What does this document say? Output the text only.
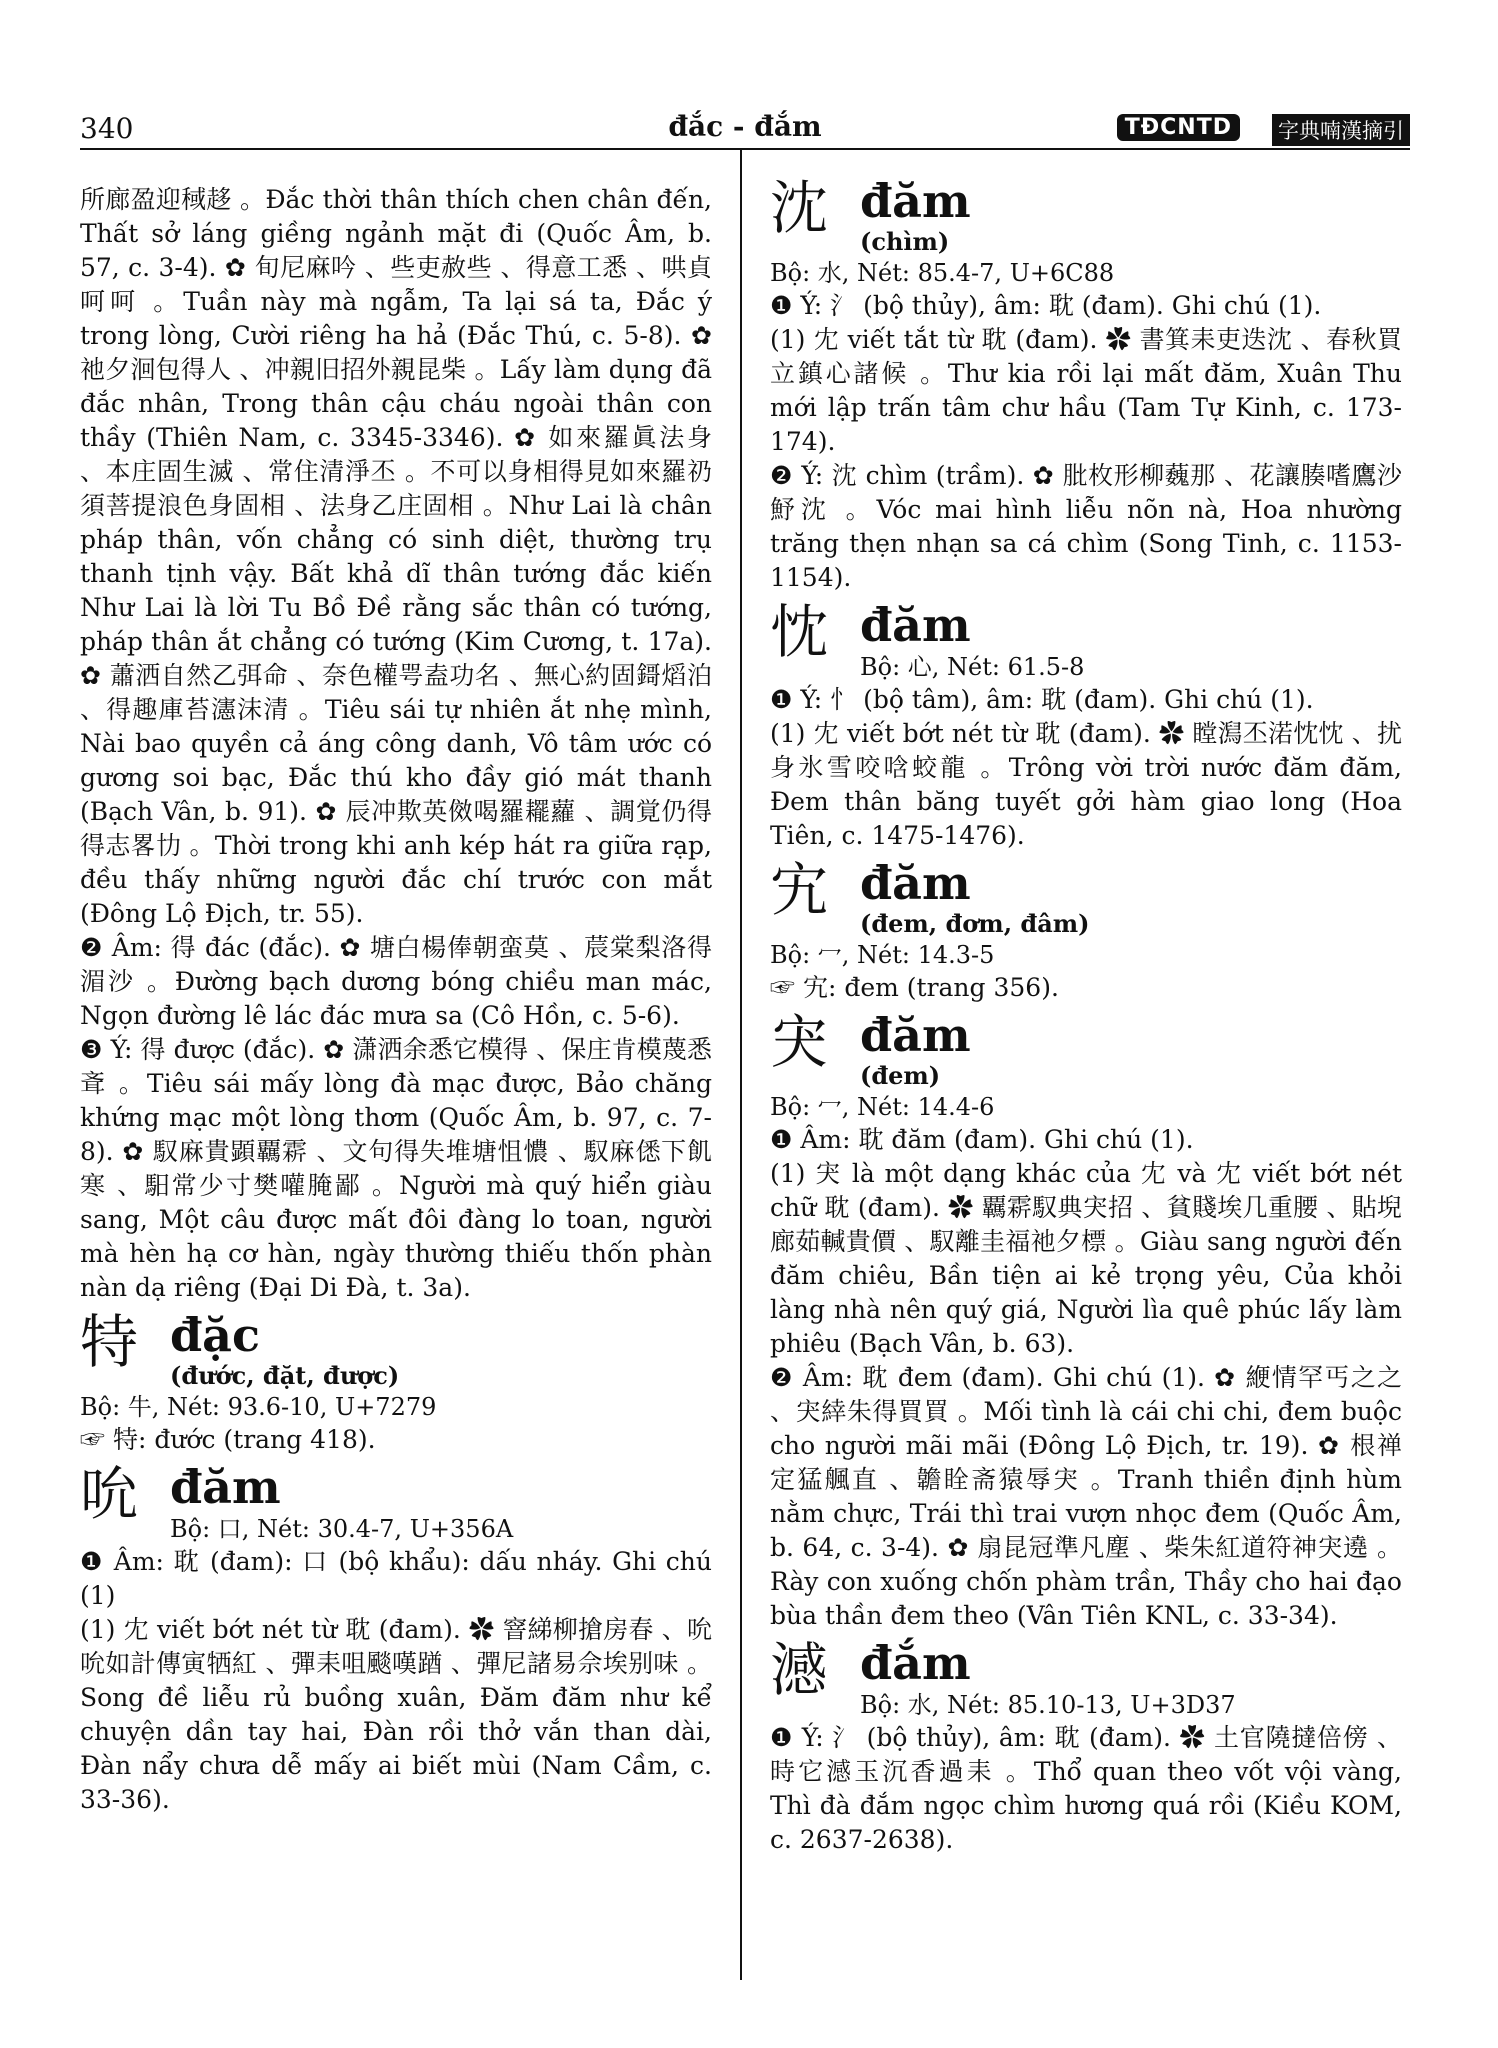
340	đắc - đắm	TĐCNTD	字典喃漢摘引

所廊盈迎稢趍 。Đắc thời thân thích chen chân đến, Thất sở láng giềng ngảnh mặt đi (Quốc Âm, b. 57, c. 3-4). ✿ 旬尼麻吟 、些吏赦些 、得意工悉 、哄貞呵呵 。Tuần này mà ngẫm, Ta lại sá ta, Đắc ý trong lòng, Cười riêng ha hả (Đắc Thú, c. 5-8). ✿ 祂夕洄包得人 、冲親旧招外親昆柴 。Lấy làm dụng đã đắc nhân, Trong thân cậu cháu ngoài thân con thầy (Thiên Nam, c. 3345-3346). ✿ 如來羅眞法身 、本庄固生滅 、常住清淨丕 。不可以身相得見如來羅礽須菩提浪色身固相 、法身乙庄固相 。Như Lai là chân pháp thân, vốn chẳng có sinh diệt, thường trụ thanh tịnh vậy. Bất khả dĩ thân tướng đắc kiến Như Lai là lời Tu Bồ Đề rằng sắc thân có tướng, pháp thân ắt chẳng có tướng (Kim Cương, t. 17a). ✿ 蕭洒自然乙弭命 、奈色權咢盍功名 、無心約固鎶熖泊 、得趣庫苔瀗沫清 。Tiêu sái tự nhiên ắt nhẹ mình, Nài bao quyền cả áng công danh, Vô tâm ước có gương soi bạc, Đắc thú kho đầy gió mát thanh (Bạch Vân, b. 91). ✿ 辰冲欺英傚喝羅䎱蘿 、調覚仍得得志畧㔹 。Thời trong khi anh kép hát ra giữa rạp, đều thấy những người đắc chí trước con mắt (Đông Lộ Địch, tr. 55).

❷ Âm: 得 đác (đắc). ✿ 塘白楊俸朝蛮莫 、莀棠梨洛得湄沙 。Đường bạch dương bóng chiều man mác, Ngọn đường lê lác đác mưa sa (Cô Hồn, c. 5-6).

❸ Ý: 得 được (đắc). ✿ 潇洒余悉它模得 、保庄肯模蔑悉斊 。Tiêu sái mấy lòng đà mạc được, Bảo chăng khứng mạc một lòng thơm (Quốc Âm, b. 97, c. 7-8). ✿ 馭麻貴顕覊䨛 、文句得失堆塘怚憹 、馭麻僁下飢寒 、馹常少寸樊嚾腌鄙 。Người mà quý hiển giàu sang, Một câu được mất đôi đàng lo toan, người mà hèn hạ cơ hàn, ngày thường thiếu thốn phàn nàn dạ riêng (Đại Di Đà, t. 3a).

特 đặc
(đước, đặt, được)
Bộ: 牛, Nét: 93.6-10, U+7279

☞ 特: đước (trang 418).

吮 đăm
Bộ: 口, Nét: 30.4-7, U+356A

❶ Âm: 耽 (đam): 口 (bộ khẩu): dấu nháy. Ghi chú (1)

(1) 冘 viết bớt nét từ 耽 (đam). ✿ 窨綈柳搶房春 、吮吮如計傳寅牺紅 、彈耒咀颷嘆䠓 、彈尼諸易佘埃别味 。Song đề liễu rủ buồng xuân, Đăm đăm như kể chuyện dần tay hai, Đàn rồi thở vắn than dài, Đàn nẩy chưa dễ mấy ai biết mùi (Nam Cầm, c. 33-36).

沈 đăm
(chìm)
Bộ: 水, Nét: 85.4-7, U+6C88

❶ Ý: 氵 (bộ thủy), âm: 耽 (đam). Ghi chú (1).

(1) 冘 viết tắt từ 耽 (đam). ✿ 書箕耒吏迭沈 、春秋買立鎮心諸候 。Thư kia rồi lại mất đăm, Xuân Thu mới lập trấn tâm chư hầu (Tam Tự Kinh, c. 173-174).

❷ Ý: 沈 chìm (trầm). ✿ 肶枚形柳蘶那 、花讓腠嗜鷹沙魣沈 。Vóc mai hình liễu nõn nà, Hoa nhường trăng thẹn nhạn sa cá chìm (Song Tinh, c. 1153-1154).

忱 đăm
Bộ: 心, Nét: 61.5-8

❶ Ý: 忄 (bộ tâm), âm: 耽 (đam). Ghi chú (1).

(1) 冘 viết bớt nét từ 耽 (đam). ✿ 瞠澙丕渃忱忱 、扰身氷雪咬唅蛟龍 。Trông vời trời nước đăm đăm, Đem thân băng tuyết gởi hàm giao long (Hoa Tiên, c. 1475-1476).

宄 đăm
(đem, đơm, đâm)
Bộ: 冖, Nét: 14.3-5

☞ 宄: đem (trang 356).

宊 đăm
(đem)
Bộ: 冖, Nét: 14.4-6

❶ Âm: 耽 đăm (đam). Ghi chú (1).

(1) 宊 là một dạng khác của 冘 và 冘 viết bớt nét chữ 耽 (đam). ✿ 覊䨛馭典宊招 、貧賤埃几重腰 、貼堄廊茹輱貴價 、馭離圭福祂夕標 。Giàu sang người đến đăm chiêu, Bần tiện ai kẻ trọng yêu, Của khỏi làng nhà nên quý giá, Người lìa quê phúc lấy làm phiêu (Bạch Vân, b. 63).

❷ Âm: 耽 đem (đam). Ghi chú (1). ✿ 緶情罕丐之之 、宊緈朱得買買 。Mối tình là cái chi chi, đem buộc cho người mãi mãi (Đông Lộ Địch, tr. 19). ✿ 根禅定猛䑺直 、䪜䀬斋猿辱宊 。Tranh thiền định hùm nằm chực, Trái thì trai vượn nhọc đem (Quốc Âm, b. 64, c. 3-4). ✿ 扇昆冠準凡塵 、柴朱紅道符神宊遶 。Rày con xuống chốn phàm trần, Thầy cho hai đạo bùa thần đem theo (Vân Tiên KNL, c. 33-34).

澸 đắm
Bộ: 水, Nét: 85.10-13, U+3D37

❶ Ý: 氵 (bộ thủy), âm: 耽 (đam). ✿ 土官隢撻倍傍 、時它澸玉沉香過耒 。Thổ quan theo vốt vội vàng, Thì đà đắm ngọc chìm hương quá rồi (Kiều KOM, c. 2637-2638).
